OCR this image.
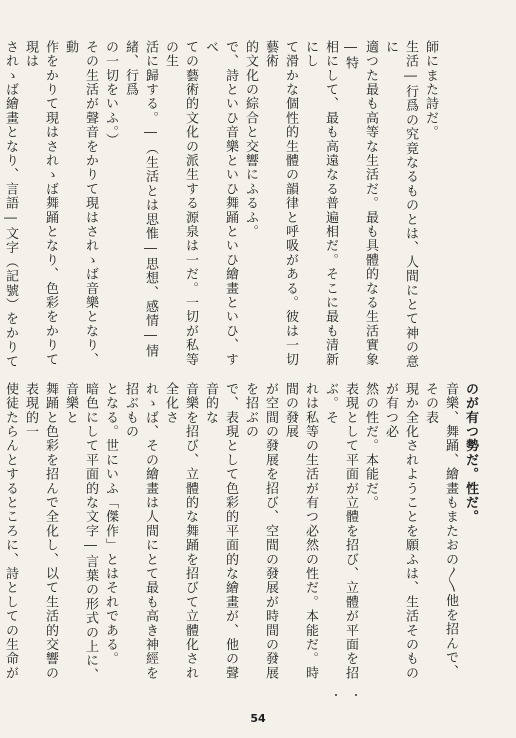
師にまた詩だ。
生活―行爲の究竟なるものとは、人間にとて神の意に
適つた最も高等な生活だ。最も具體的なる生活實象―特
相にして、最も高遠なる普遍相だ。そこに最も清新にし
て滑かな個性的生體の韻律と呼吸がある。彼は一切藝術
的文化の綜合と交響にふるふ。
で、詩といひ音樂といひ舞踊といひ繪畫といひ、すべ
ての藝術的文化の派生する源泉は一だ。一切が私等の生
活に歸する。―（生活とは思惟―思想、感情―情緒、行爲
の一切をいふ。）
その生活が聲音をかりて現はされゝば音樂となり、動
作をかりて現はされゝば舞踊となり、色彩をかりて現は
されゝば繪畫となり、言語―文字（記號）をかりて
のが有つ勢だ。性だ。
音樂、舞踊、繪畫もまたおの〳〵他を招んで、その表
現か全化されようことを願ふは、生活そのものが有つ必
然の性だ。本能だ。
表現として平面が立體を招び、立體が平面を招ぶ。そ
れは私等の生活が有つ必然の性だ。本能だ。時間の發展
が空間の發展を招び、空間の發展が時間の發展を招ぶの
で、表現として色彩的平面的な繪畫が、他の聲音的な
音樂を招び、立體的な舞踊を招びて立體化され全化さ
れゝば、その繪畫は人間にとて最も高き神經を招ぶもの
となる。世にいふ「傑作」とはそれである。
暗色にして平面的な文字―言葉の形式の上に、音樂と
舞踊と色彩を招んで全化し、以て生活的交響の表現的一
使徒たらんとするところに、詩としての生命が
54
